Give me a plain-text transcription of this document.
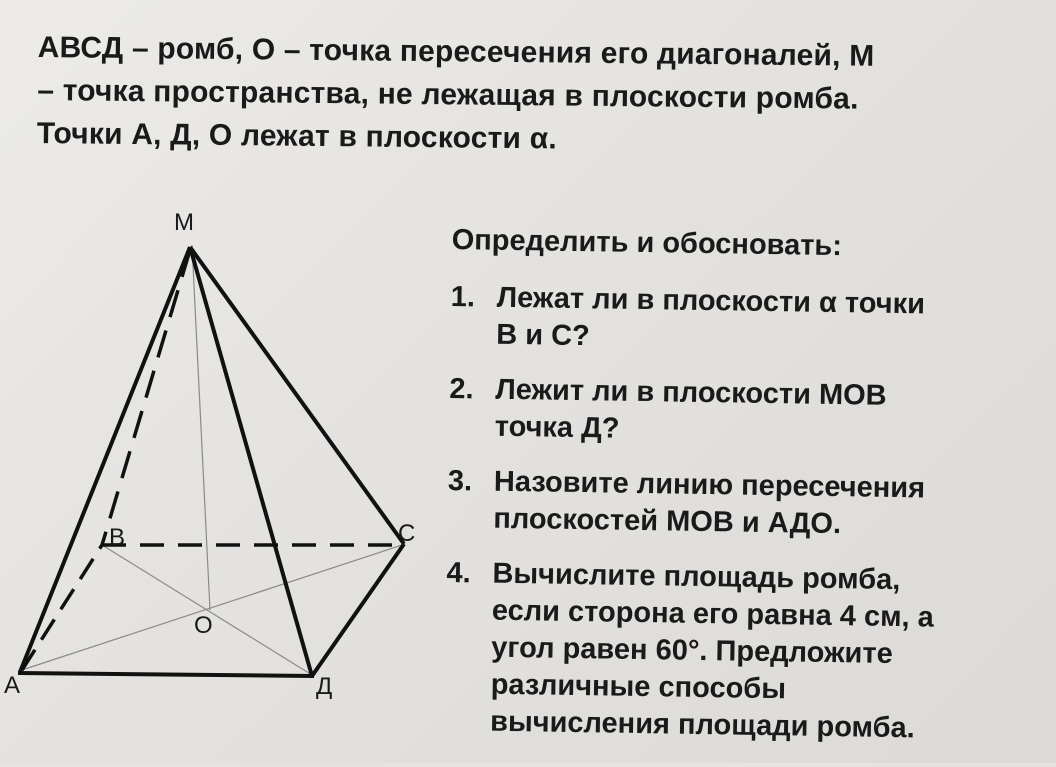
АВСД – ромб, О – точка пересечения его диагоналей, М
– точка пространства, не лежащая в плоскости ромба.
Точки А, Д, О лежат в плоскости α.
М
В	С
О
А	Д
Определить и обосновать:
1. Лежат ли в плоскости α точки
В и С?
2. Лежит ли в плоскости МОВ
точка Д?
3. Назовите линию пересечения
плоскостей МОВ и АДО.
4. Вычислите площадь ромба,
если сторона его равна 4 см, а
угол равен 60°. Предложите
различные способы
вычисления площади ромба.
